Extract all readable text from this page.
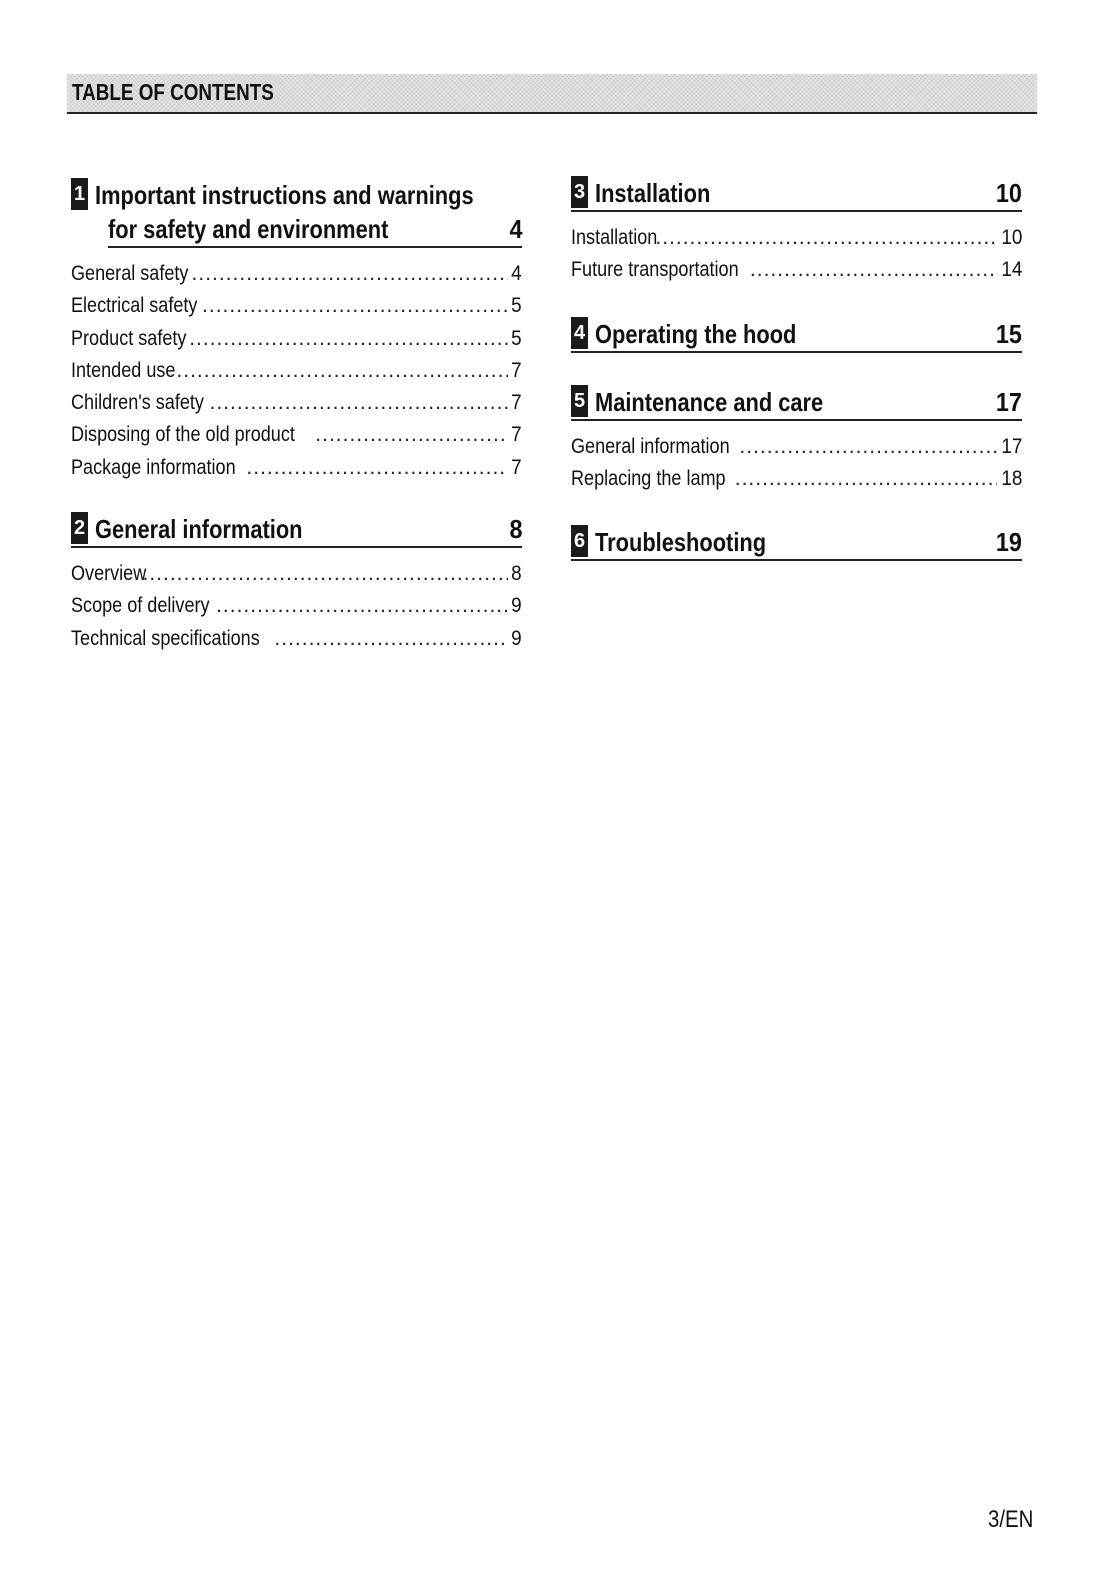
TABLE OF CONTENTS
1 Important instructions and warnings
for safety and environment	4
General safety .....	4
Electrical safety .....	5
Product safety .....	5
Intended use .....	7
Children's safety .....	7
Disposing of the old product .....	7
Package information .....	7
2 General information	8
Overview .....	8
Scope of delivery .....	9
Technical specifications .....	9
3 Installation	10
Installation .....	10
Future transportation .....	14
4 Operating the hood	15
5 Maintenance and care	17
General information .....	17
Replacing the lamp .....	18
6 Troubleshooting	19
3/EN
